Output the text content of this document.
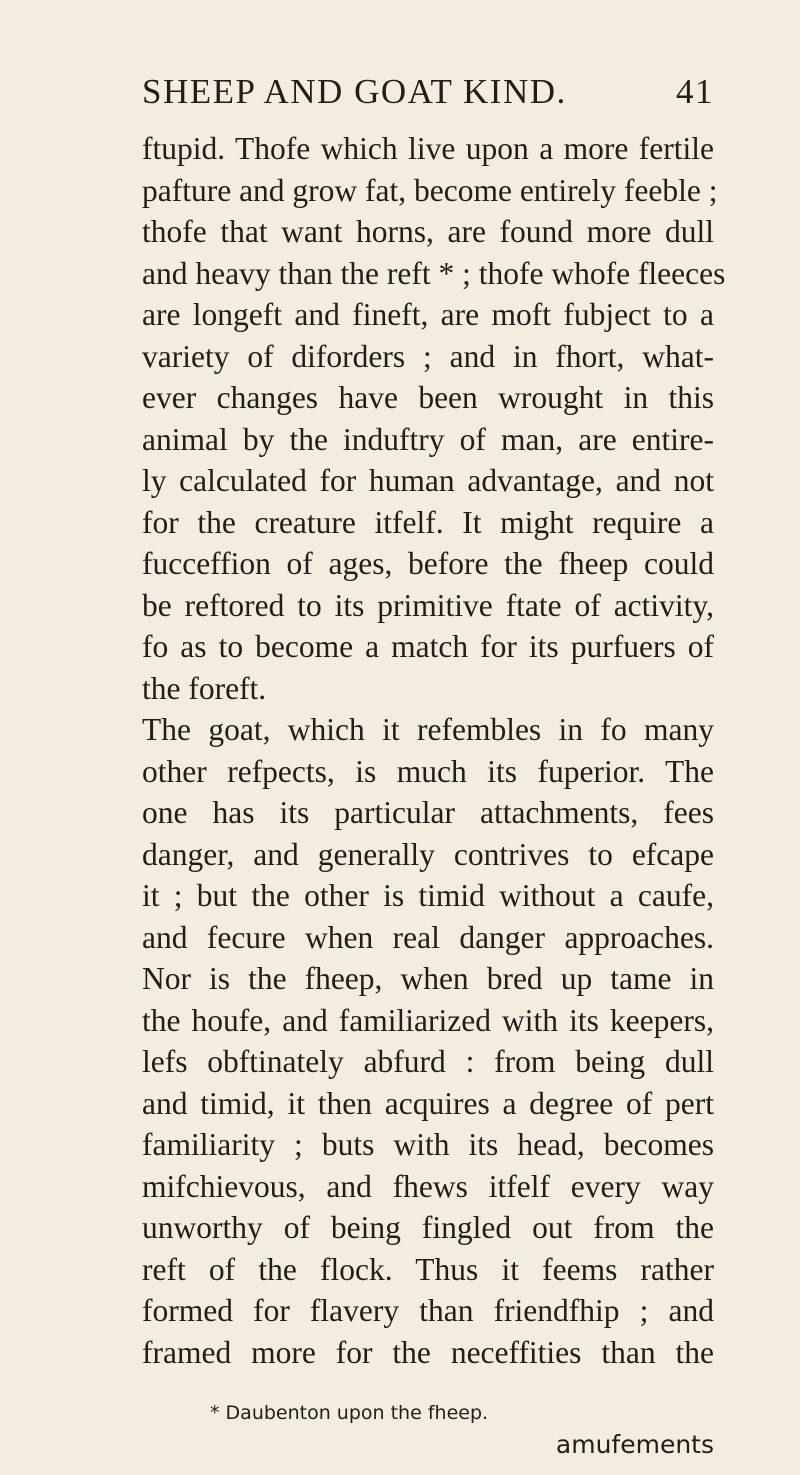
SHEEP AND GOAT KIND.	41
ftupid. Thofe which live upon a more fertile
pafture and grow fat, become entirely feeble ;
thofe that want horns, are found more dull
and heavy than the reft * ; thofe whofe fleeces
are longeft and fineft, are moft fubject to a
variety of diforders ; and in fhort, what-
ever changes have been wrought in this
animal by the induftry of man, are entire-
ly calculated for human advantage, and not
for the creature itfelf. It might require a
fucceffion of ages, before the fheep could
be reftored to its primitive ftate of activity,
fo as to become a match for its purfuers of
the foreft.
The goat, which it refembles in fo many
other refpects, is much its fuperior. The
one has its particular attachments, fees
danger, and generally contrives to efcape
it ; but the other is timid without a caufe,
and fecure when real danger approaches.
Nor is the fheep, when bred up tame in
the houfe, and familiarized with its keepers,
lefs obftinately abfurd : from being dull
and timid, it then acquires a degree of pert
familiarity ; buts with its head, becomes
mifchievous, and fhews itfelf every way
unworthy of being fingled out from the
reft of the flock. Thus it feems rather
formed for flavery than friendfhip ; and
framed more for the neceffities than the
* Daubenton upon the fheep.
amufements
